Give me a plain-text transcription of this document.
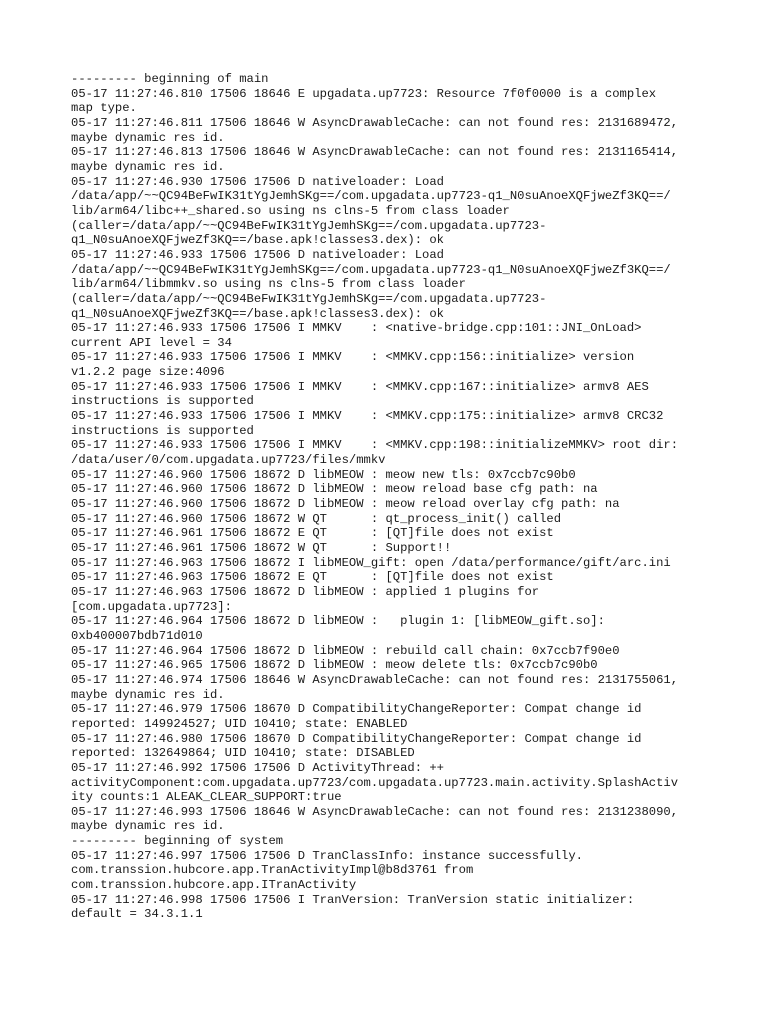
--------- beginning of main
05-17 11:27:46.810 17506 18646 E upgadata.up7723: Resource 7f0f0000 is a complex
map type.
05-17 11:27:46.811 17506 18646 W AsyncDrawableCache: can not found res: 2131689472,
maybe dynamic res id.
05-17 11:27:46.813 17506 18646 W AsyncDrawableCache: can not found res: 2131165414,
maybe dynamic res id.
05-17 11:27:46.930 17506 17506 D nativeloader: Load
/data/app/~~QC94BeFwIK31tYgJemhSKg==/com.upgadata.up7723-q1_N0suAnoeXQFjweZf3KQ==/
lib/arm64/libc++_shared.so using ns clns-5 from class loader
(caller=/data/app/~~QC94BeFwIK31tYgJemhSKg==/com.upgadata.up7723-
q1_N0suAnoeXQFjweZf3KQ==/base.apk!classes3.dex): ok
05-17 11:27:46.933 17506 17506 D nativeloader: Load
/data/app/~~QC94BeFwIK31tYgJemhSKg==/com.upgadata.up7723-q1_N0suAnoeXQFjweZf3KQ==/
lib/arm64/libmmkv.so using ns clns-5 from class loader
(caller=/data/app/~~QC94BeFwIK31tYgJemhSKg==/com.upgadata.up7723-
q1_N0suAnoeXQFjweZf3KQ==/base.apk!classes3.dex): ok
05-17 11:27:46.933 17506 17506 I MMKV    : <native-bridge.cpp:101::JNI_OnLoad>
current API level = 34
05-17 11:27:46.933 17506 17506 I MMKV    : <MMKV.cpp:156::initialize> version
v1.2.2 page size:4096
05-17 11:27:46.933 17506 17506 I MMKV    : <MMKV.cpp:167::initialize> armv8 AES
instructions is supported
05-17 11:27:46.933 17506 17506 I MMKV    : <MMKV.cpp:175::initialize> armv8 CRC32
instructions is supported
05-17 11:27:46.933 17506 17506 I MMKV    : <MMKV.cpp:198::initializeMMKV> root dir:
/data/user/0/com.upgadata.up7723/files/mmkv
05-17 11:27:46.960 17506 18672 D libMEOW : meow new tls: 0x7ccb7c90b0
05-17 11:27:46.960 17506 18672 D libMEOW : meow reload base cfg path: na
05-17 11:27:46.960 17506 18672 D libMEOW : meow reload overlay cfg path: na
05-17 11:27:46.960 17506 18672 W QT      : qt_process_init() called
05-17 11:27:46.961 17506 18672 E QT      : [QT]file does not exist
05-17 11:27:46.961 17506 18672 W QT      : Support!!
05-17 11:27:46.963 17506 18672 I libMEOW_gift: open /data/performance/gift/arc.ini
05-17 11:27:46.963 17506 18672 E QT      : [QT]file does not exist
05-17 11:27:46.963 17506 18672 D libMEOW : applied 1 plugins for
[com.upgadata.up7723]:
05-17 11:27:46.964 17506 18672 D libMEOW :   plugin 1: [libMEOW_gift.so]:
0xb400007bdb71d010
05-17 11:27:46.964 17506 18672 D libMEOW : rebuild call chain: 0x7ccb7f90e0
05-17 11:27:46.965 17506 18672 D libMEOW : meow delete tls: 0x7ccb7c90b0
05-17 11:27:46.974 17506 18646 W AsyncDrawableCache: can not found res: 2131755061,
maybe dynamic res id.
05-17 11:27:46.979 17506 18670 D CompatibilityChangeReporter: Compat change id
reported: 149924527; UID 10410; state: ENABLED
05-17 11:27:46.980 17506 18670 D CompatibilityChangeReporter: Compat change id
reported: 132649864; UID 10410; state: DISABLED
05-17 11:27:46.992 17506 17506 D ActivityThread: ++
activityComponent:com.upgadata.up7723/com.upgadata.up7723.main.activity.SplashActiv
ity counts:1 ALEAK_CLEAR_SUPPORT:true
05-17 11:27:46.993 17506 18646 W AsyncDrawableCache: can not found res: 2131238090,
maybe dynamic res id.
--------- beginning of system
05-17 11:27:46.997 17506 17506 D TranClassInfo: instance successfully.
com.transsion.hubcore.app.TranActivityImpl@b8d3761 from
com.transsion.hubcore.app.ITranActivity
05-17 11:27:46.998 17506 17506 I TranVersion: TranVersion static initializer:
default = 34.3.1.1
